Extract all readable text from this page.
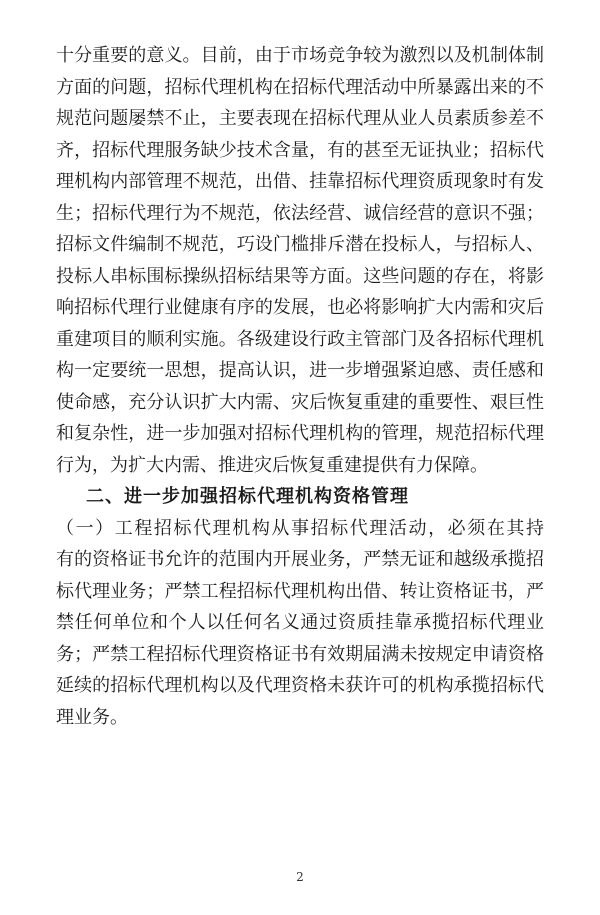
十分重要的意义。目前，由于市场竞争较为激烈以及机制体制
方面的问题，招标代理机构在招标代理活动中所暴露出来的不
规范问题屡禁不止，主要表现在招标代理从业人员素质参差不
齐，招标代理服务缺少技术含量，有的甚至无证执业；招标代
理机构内部管理不规范，出借、挂靠招标代理资质现象时有发
生；招标代理行为不规范，依法经营、诚信经营的意识不强；
招标文件编制不规范，巧设门槛排斥潜在投标人，与招标人、
投标人串标围标操纵招标结果等方面。这些问题的存在，将影
响招标代理行业健康有序的发展，也必将影响扩大内需和灾后
重建项目的顺利实施。各级建设行政主管部门及各招标代理机
构一定要统一思想，提高认识，进一步增强紧迫感、责任感和
使命感，充分认识扩大内需、灾后恢复重建的重要性、艰巨性
和复杂性，进一步加强对招标代理机构的管理，规范招标代理
行为，为扩大内需、推进灾后恢复重建提供有力保障。
二、进一步加强招标代理机构资格管理
（一）工程招标代理机构从事招标代理活动，必须在其持
有的资格证书允许的范围内开展业务，严禁无证和越级承揽招
标代理业务；严禁工程招标代理机构出借、转让资格证书，严
禁任何单位和个人以任何名义通过资质挂靠承揽招标代理业
务；严禁工程招标代理资格证书有效期届满未按规定申请资格
延续的招标代理机构以及代理资格未获许可的机构承揽招标代
理业务。
2
